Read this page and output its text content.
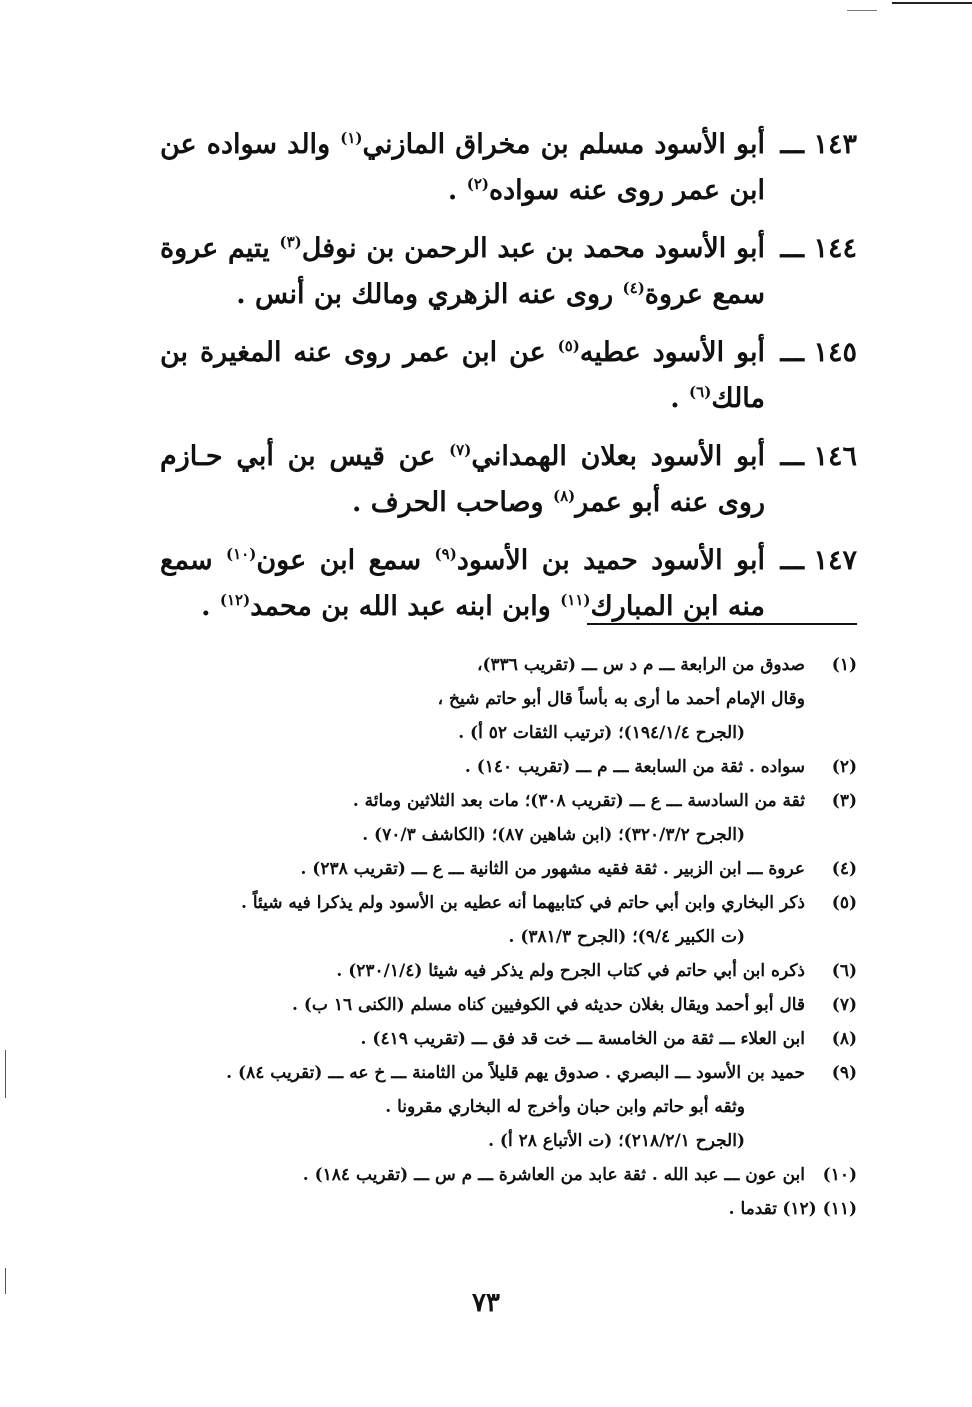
١٤٣ ـــ
أبو الأسود مسلم بن مخراق المازني$^{(١)}$ والد سواده عن ابن عمر روى عنه سواده$^{(٢)}$ .
١٤٤ ـــ
أبو الأسود محمد بن عبد الرحمن بن نوفل$^{(٣)}$ يتيم عروة سمع عروة$^{(٤)}$ روى عنه الزهري ومالك بن أنس .
١٤٥ ـــ
أبو الأسود عطيه$^{(٥)}$ عن ابن عمر روى عنه المغيرة بن مالك$^{(٦)}$ .
١٤٦ ـــ
أبو الأسود بعلان الهمداني$^{(٧)}$ عن قيس بن أبي حـازم روى عنه أبو عمر$^{(٨)}$ وصاحب الحرف .
١٤٧ ـــ
أبو الأسود حميد بن الأسود$^{(٩)}$ سمع ابن عون$^{(١٠)}$ سمع منه ابن المبارك$^{(١١)}$ وابن ابنه عبد الله بن محمد$^{(١٢)}$ .
(١)
صدوق من الرابعة ـــ م د س ـــ (تقريب ٣٣٦)،
وقال الإمام أحمد ما أرى به بأساً قال أبو حاتم شيخ ،
(الجرح ١٩٤/١/٤)؛ (ترتيب الثقات ٥٢ أ) .
(٢)
سواده . ثقة من السابعة ـــ م ـــ (تقريب ١٤٠) .
(٣)
ثقة من السادسة ـــ ع ـــ (تقريب ٣٠٨)؛ مات بعد الثلاثين ومائة .
(الجرح ٣٢٠/٣/٢)؛ (ابن شاهين ٨٧)؛ (الكاشف ٧٠/٣) .
(٤)
عروة ـــ ابن الزبير . ثقة فقيه مشهور من الثانية ـــ ع ـــ (تقريب ٢٣٨) .
(٥)
ذكر البخاري وابن أبي حاتم في كتابيهما أنه عطيه بن الأسود ولم يذكرا فيه شيئاً .
(ت الكبير ٩/٤)؛ (الجرح ٣٨١/٣) .
(٦)
ذكره ابن أبي حاتم في كتاب الجرح ولم يذكر فيه شيئا (٢٣٠/١/٤) .
(٧)
قال أبو أحمد ويقال بغلان حديثه في الكوفيين كناه مسلم (الكنى ١٦ ب) .
(٨)
ابن العلاء ـــ ثقة من الخامسة ـــ خت قد فق ـــ (تقريب ٤١٩) .
(٩)
حميد بن الأسود ـــ البصري . صدوق يهم قليلاً من الثامنة ـــ خ عه ـــ (تقريب ٨٤) .
وثقه أبو حاتم وابن حبان وأخرج له البخاري مقرونا .
(الجرح ٢١٨/٢/١)؛ (ت الأتباع ٢٨ أ) .
(١٠)
ابن عون ـــ عبد الله . ثقة عابد من العاشرة ـــ م س ـــ (تقريب ١٨٤) .
(١١) (١٢)
تقدما .
٧٣
